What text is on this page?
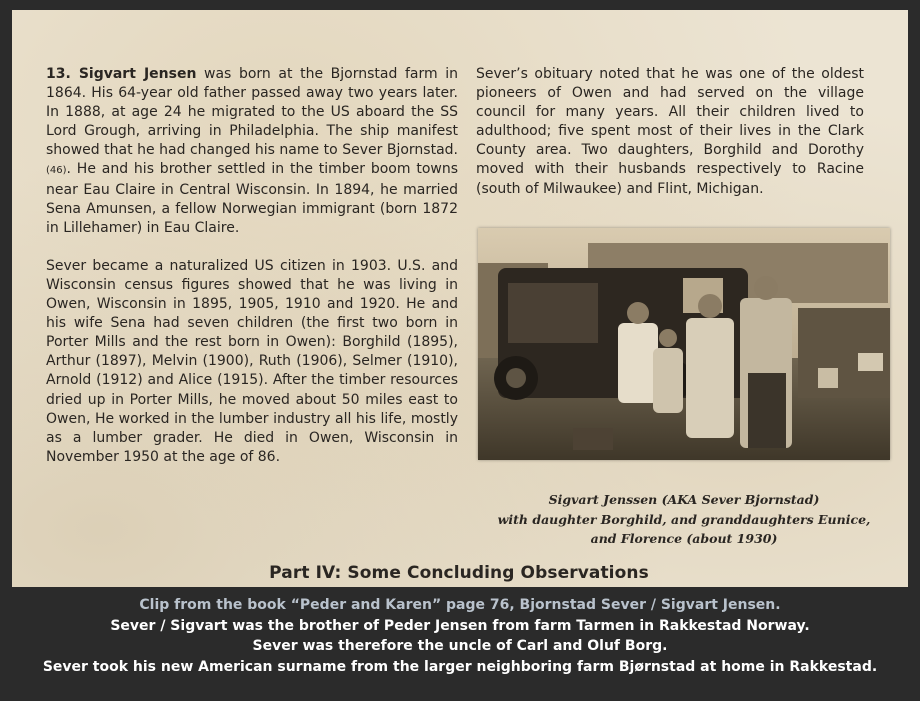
13. Sigvart Jensen was born at the Bjornstad farm in 1864. His 64-year old father passed away two years later. In 1888, at age 24 he migrated to the US aboard the SS Lord Grough, arriving in Philadelphia. The ship manifest showed that he had changed his name to Sever Bjornstad.(46). He and his brother settled in the timber boom towns near Eau Claire in Central Wisconsin. In 1894, he married Sena Amunsen, a fellow Norwegian immigrant (born 1872 in Lillehamer) in Eau Claire.

Sever became a naturalized US citizen in 1903. U.S. and Wisconsin census figures showed that he was living in Owen, Wisconsin in 1895, 1905, 1910 and 1920. He and his wife Sena had seven children (the first two born in Porter Mills and the rest born in Owen): Borghild (1895), Arthur (1897), Melvin (1900), Ruth (1906), Selmer (1910), Arnold (1912) and Alice (1915). After the timber resources dried up in Porter Mills, he moved about 50 miles east to Owen, He worked in the lumber industry all his life, mostly as a lumber grader. He died in Owen, Wisconsin in November 1950 at the age of 86.

Sever’s obituary noted that he was one of the oldest pioneers of Owen and had served on the village council for many years. All their children lived to adulthood; five spent most of their lives in the Clark County area. Two daughters, Borghild and Dorothy moved with their husbands respectively to Racine (south of Milwaukee) and Flint, Michigan.

Sigvart Jenssen (AKA Sever Bjornstad)
with daughter Borghild, and granddaughters Eunice,
and Florence (about 1930)
Part IV: Some Concluding Observations
Clip from the book “Peder and Karen” page 76, Bjornstad Sever / Sigvart Jensen.
Sever / Sigvart was the brother of Peder Jensen from farm Tarmen in Rakkestad Norway.
Sever was therefore the uncle of Carl and Oluf Borg.
Sever took his new American surname from the larger neighboring farm Bjørnstad at home in Rakkestad.
